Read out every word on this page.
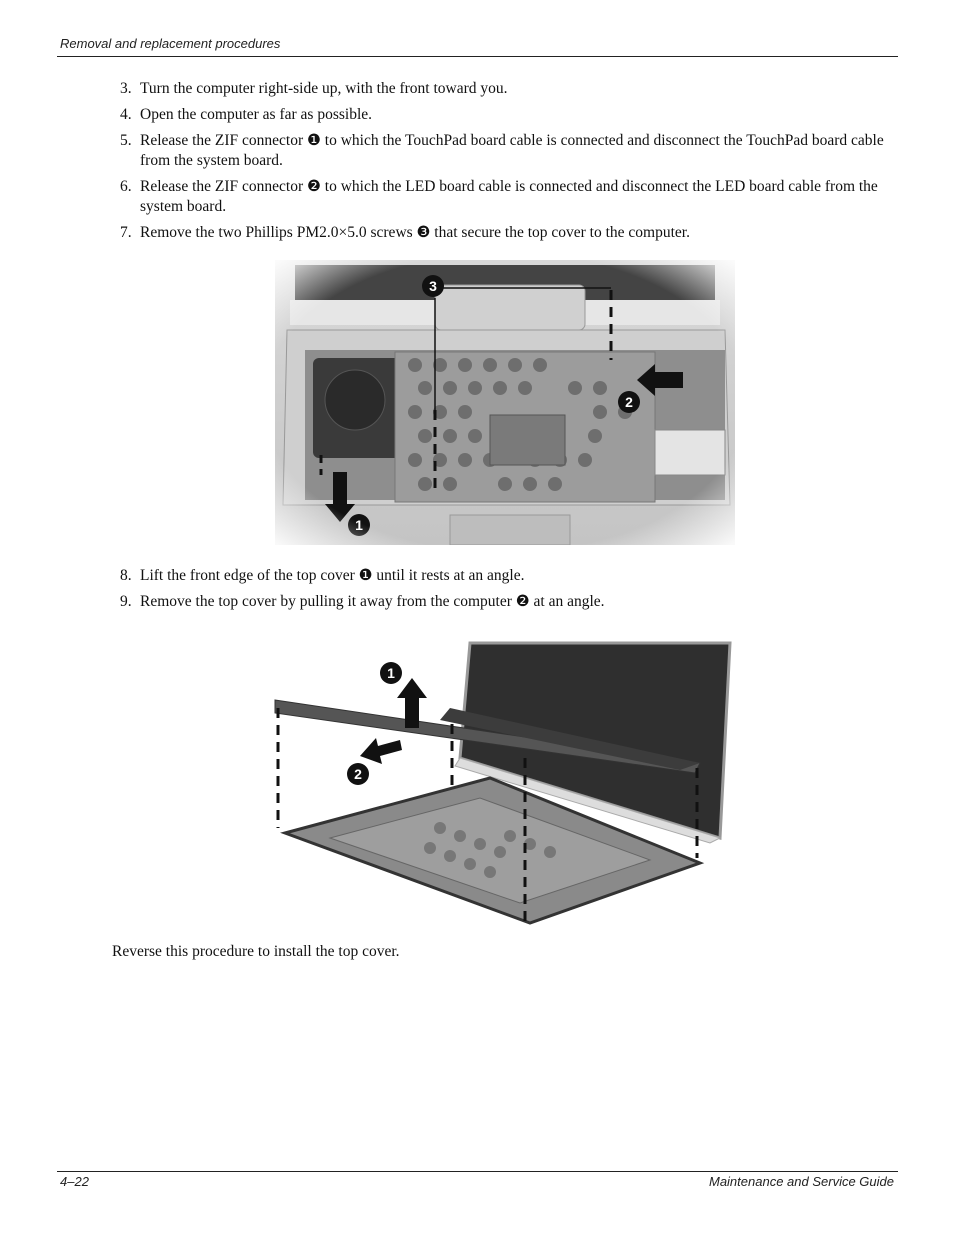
Removal and replacement procedures
3. Turn the computer right-side up, with the front toward you.
4. Open the computer as far as possible.
5. Release the ZIF connector ❶ to which the TouchPad board cable is connected and disconnect the TouchPad board cable from the system board.
6. Release the ZIF connector ❷ to which the LED board cable is connected and disconnect the LED board cable from the system board.
7. Remove the two Phillips PM2.0×5.0 screws ❸ that secure the top cover to the computer.
8. Lift the front edge of the top cover ❶ until it rests at an angle.
9. Remove the top cover by pulling it away from the computer ❷ at an angle.
1
2
Reverse this procedure to install the top cover.
4–22	Maintenance and Service Guide
